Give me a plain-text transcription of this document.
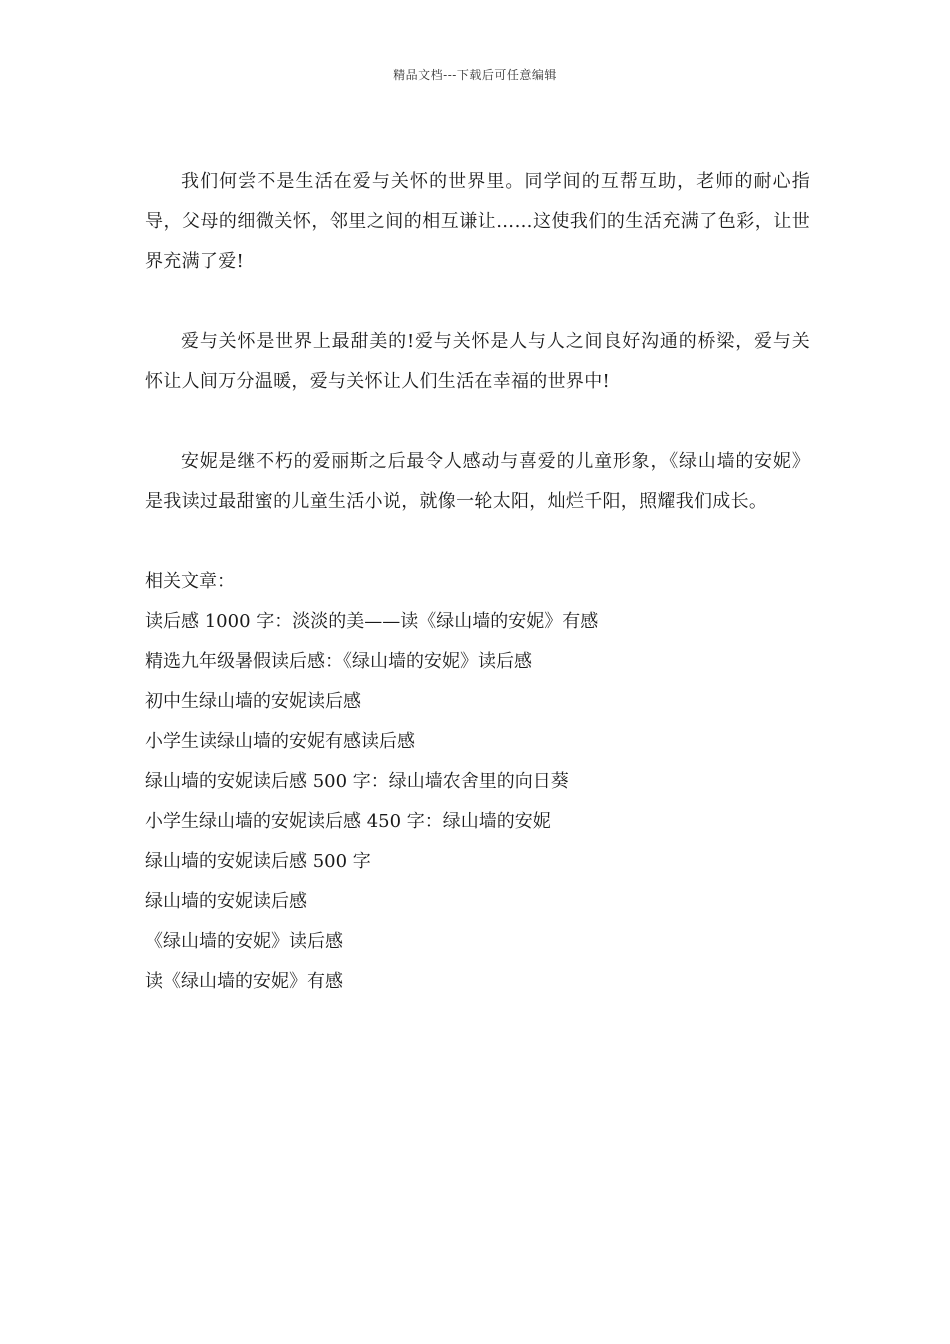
精品文档---下载后可任意编辑

我们何尝不是生活在爱与关怀的世界里。同学间的互帮互助，老师的耐心指导，父母的细微关怀，邻里之间的相互谦让……这使我们的生活充满了色彩，让世界充满了爱!

爱与关怀是世界上最甜美的!爱与关怀是人与人之间良好沟通的桥梁，爱与关怀让人间万分温暖，爱与关怀让人们生活在幸福的世界中!

安妮是继不朽的爱丽斯之后最令人感动与喜爱的儿童形象，《绿山墙的安妮》是我读过最甜蜜的儿童生活小说，就像一轮太阳，灿烂千阳，照耀我们成长。

相关文章：
读后感 1000 字：淡淡的美——读《绿山墙的安妮》有感
精选九年级暑假读后感：《绿山墙的安妮》读后感
初中生绿山墙的安妮读后感
小学生读绿山墙的安妮有感读后感
绿山墙的安妮读后感 500 字：绿山墙农舍里的向日葵
小学生绿山墙的安妮读后感 450 字：绿山墙的安妮
绿山墙的安妮读后感 500 字
绿山墙的安妮读后感
《绿山墙的安妮》读后感
读《绿山墙的安妮》有感
